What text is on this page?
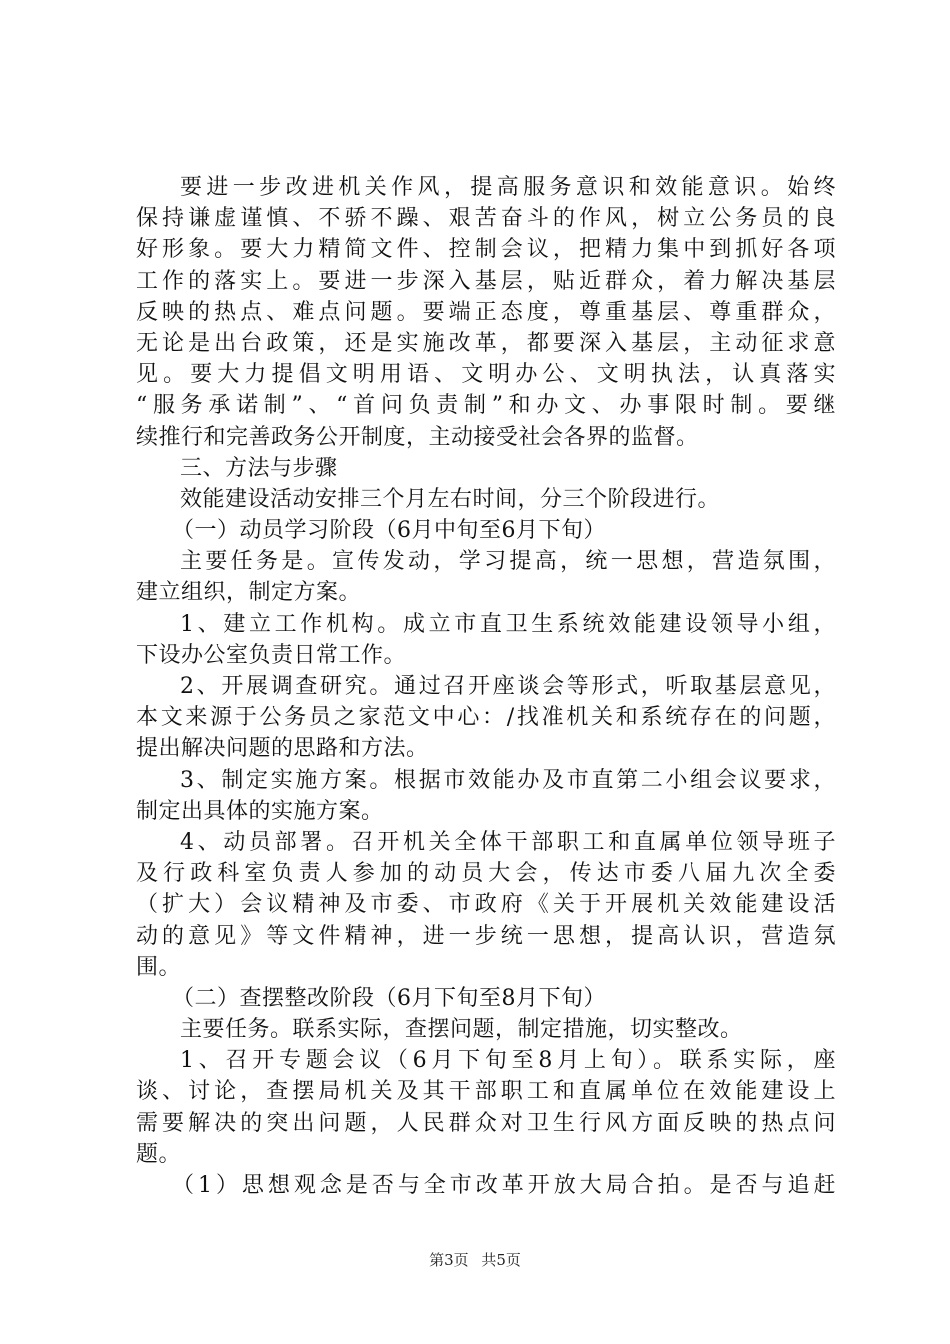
要进一步改进机关作风，提高服务意识和效能意识。始终
保持谦虚谨慎、不骄不躁、艰苦奋斗的作风，树立公务员的良
好形象。要大力精简文件、控制会议，把精力集中到抓好各项
工作的落实上。要进一步深入基层，贴近群众，着力解决基层
反映的热点、难点问题。要端正态度，尊重基层、尊重群众，
无论是出台政策，还是实施改革，都要深入基层，主动征求意
见。要大力提倡文明用语、文明办公、文明执法，认真落实
“服务承诺制”、“首问负责制”和办文、办事限时制。要继
续推行和完善政务公开制度，主动接受社会各界的监督。
三、方法与步骤
效能建设活动安排三个月左右时间，分三个阶段进行。
（一）动员学习阶段（6月中旬至6月下旬）
主要任务是。宣传发动，学习提高，统一思想，营造氛围，
建立组织，制定方案。
1、建立工作机构。成立市直卫生系统效能建设领导小组，
下设办公室负责日常工作。
2、开展调查研究。通过召开座谈会等形式，听取基层意见，
本文来源于公务员之家范文中心：/找准机关和系统存在的问题，
提出解决问题的思路和方法。
3、制定实施方案。根据市效能办及市直第二小组会议要求，
制定出具体的实施方案。
4、动员部署。召开机关全体干部职工和直属单位领导班子
及行政科室负责人参加的动员大会，传达市委八届九次全委
（扩大）会议精神及市委、市政府《关于开展机关效能建设活
动的意见》等文件精神，进一步统一思想，提高认识，营造氛
围。
（二）查摆整改阶段（6月下旬至8月下旬）
主要任务。联系实际，查摆问题，制定措施，切实整改。
1、召开专题会议（6月下旬至8月上旬）。联系实际，座
谈、讨论，查摆局机关及其干部职工和直属单位在效能建设上
需要解决的突出问题，人民群众对卫生行风方面反映的热点问
题。
（1）思想观念是否与全市改革开放大局合拍。是否与追赶
第3页 共5页
